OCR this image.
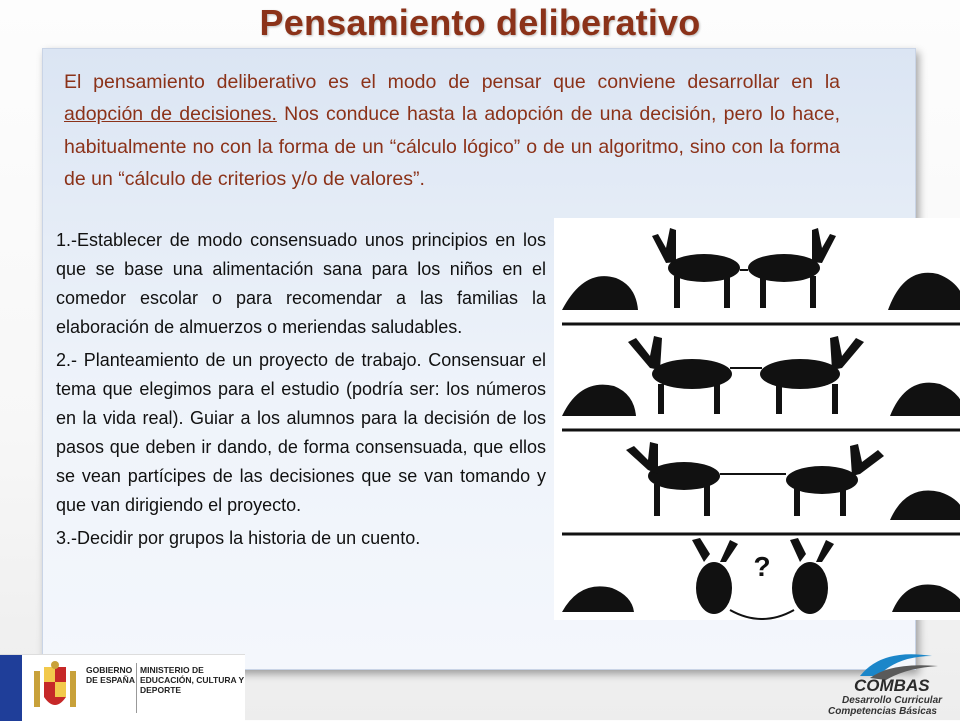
Pensamiento deliberativo
El pensamiento deliberativo es el modo de pensar que conviene desarrollar en la adopción de decisiones. Nos conduce hasta la adopción de una decisión, pero lo hace, habitualmente no con la forma de un “cálculo lógico” o de un algoritmo, sino con la forma de un “cálculo de criterios y/o de valores”.

1.-Establecer de modo consensuado unos principios en los que se base una alimentación sana para los niños en el comedor escolar o para recomendar a las familias la elaboración de almuerzos o meriendas saludables.

2.- Planteamiento de un proyecto de trabajo. Consensuar el tema que elegimos para el estudio (podría ser: los números en la vida real). Guiar a los alumnos para la decisión de los pasos que deben ir dando, de forma consensuada, que ellos se vean partícipes de las decisiones que se van tomando y que van dirigiendo el proyecto.

3.-Decidir por grupos la historia de un cuento.

?
GOBIERNO DE ESPAÑA
MINISTERIO DE EDUCACIÓN, CULTURA Y DEPORTE	COMBAS
Desarrollo Curricular
Competencias Básicas
